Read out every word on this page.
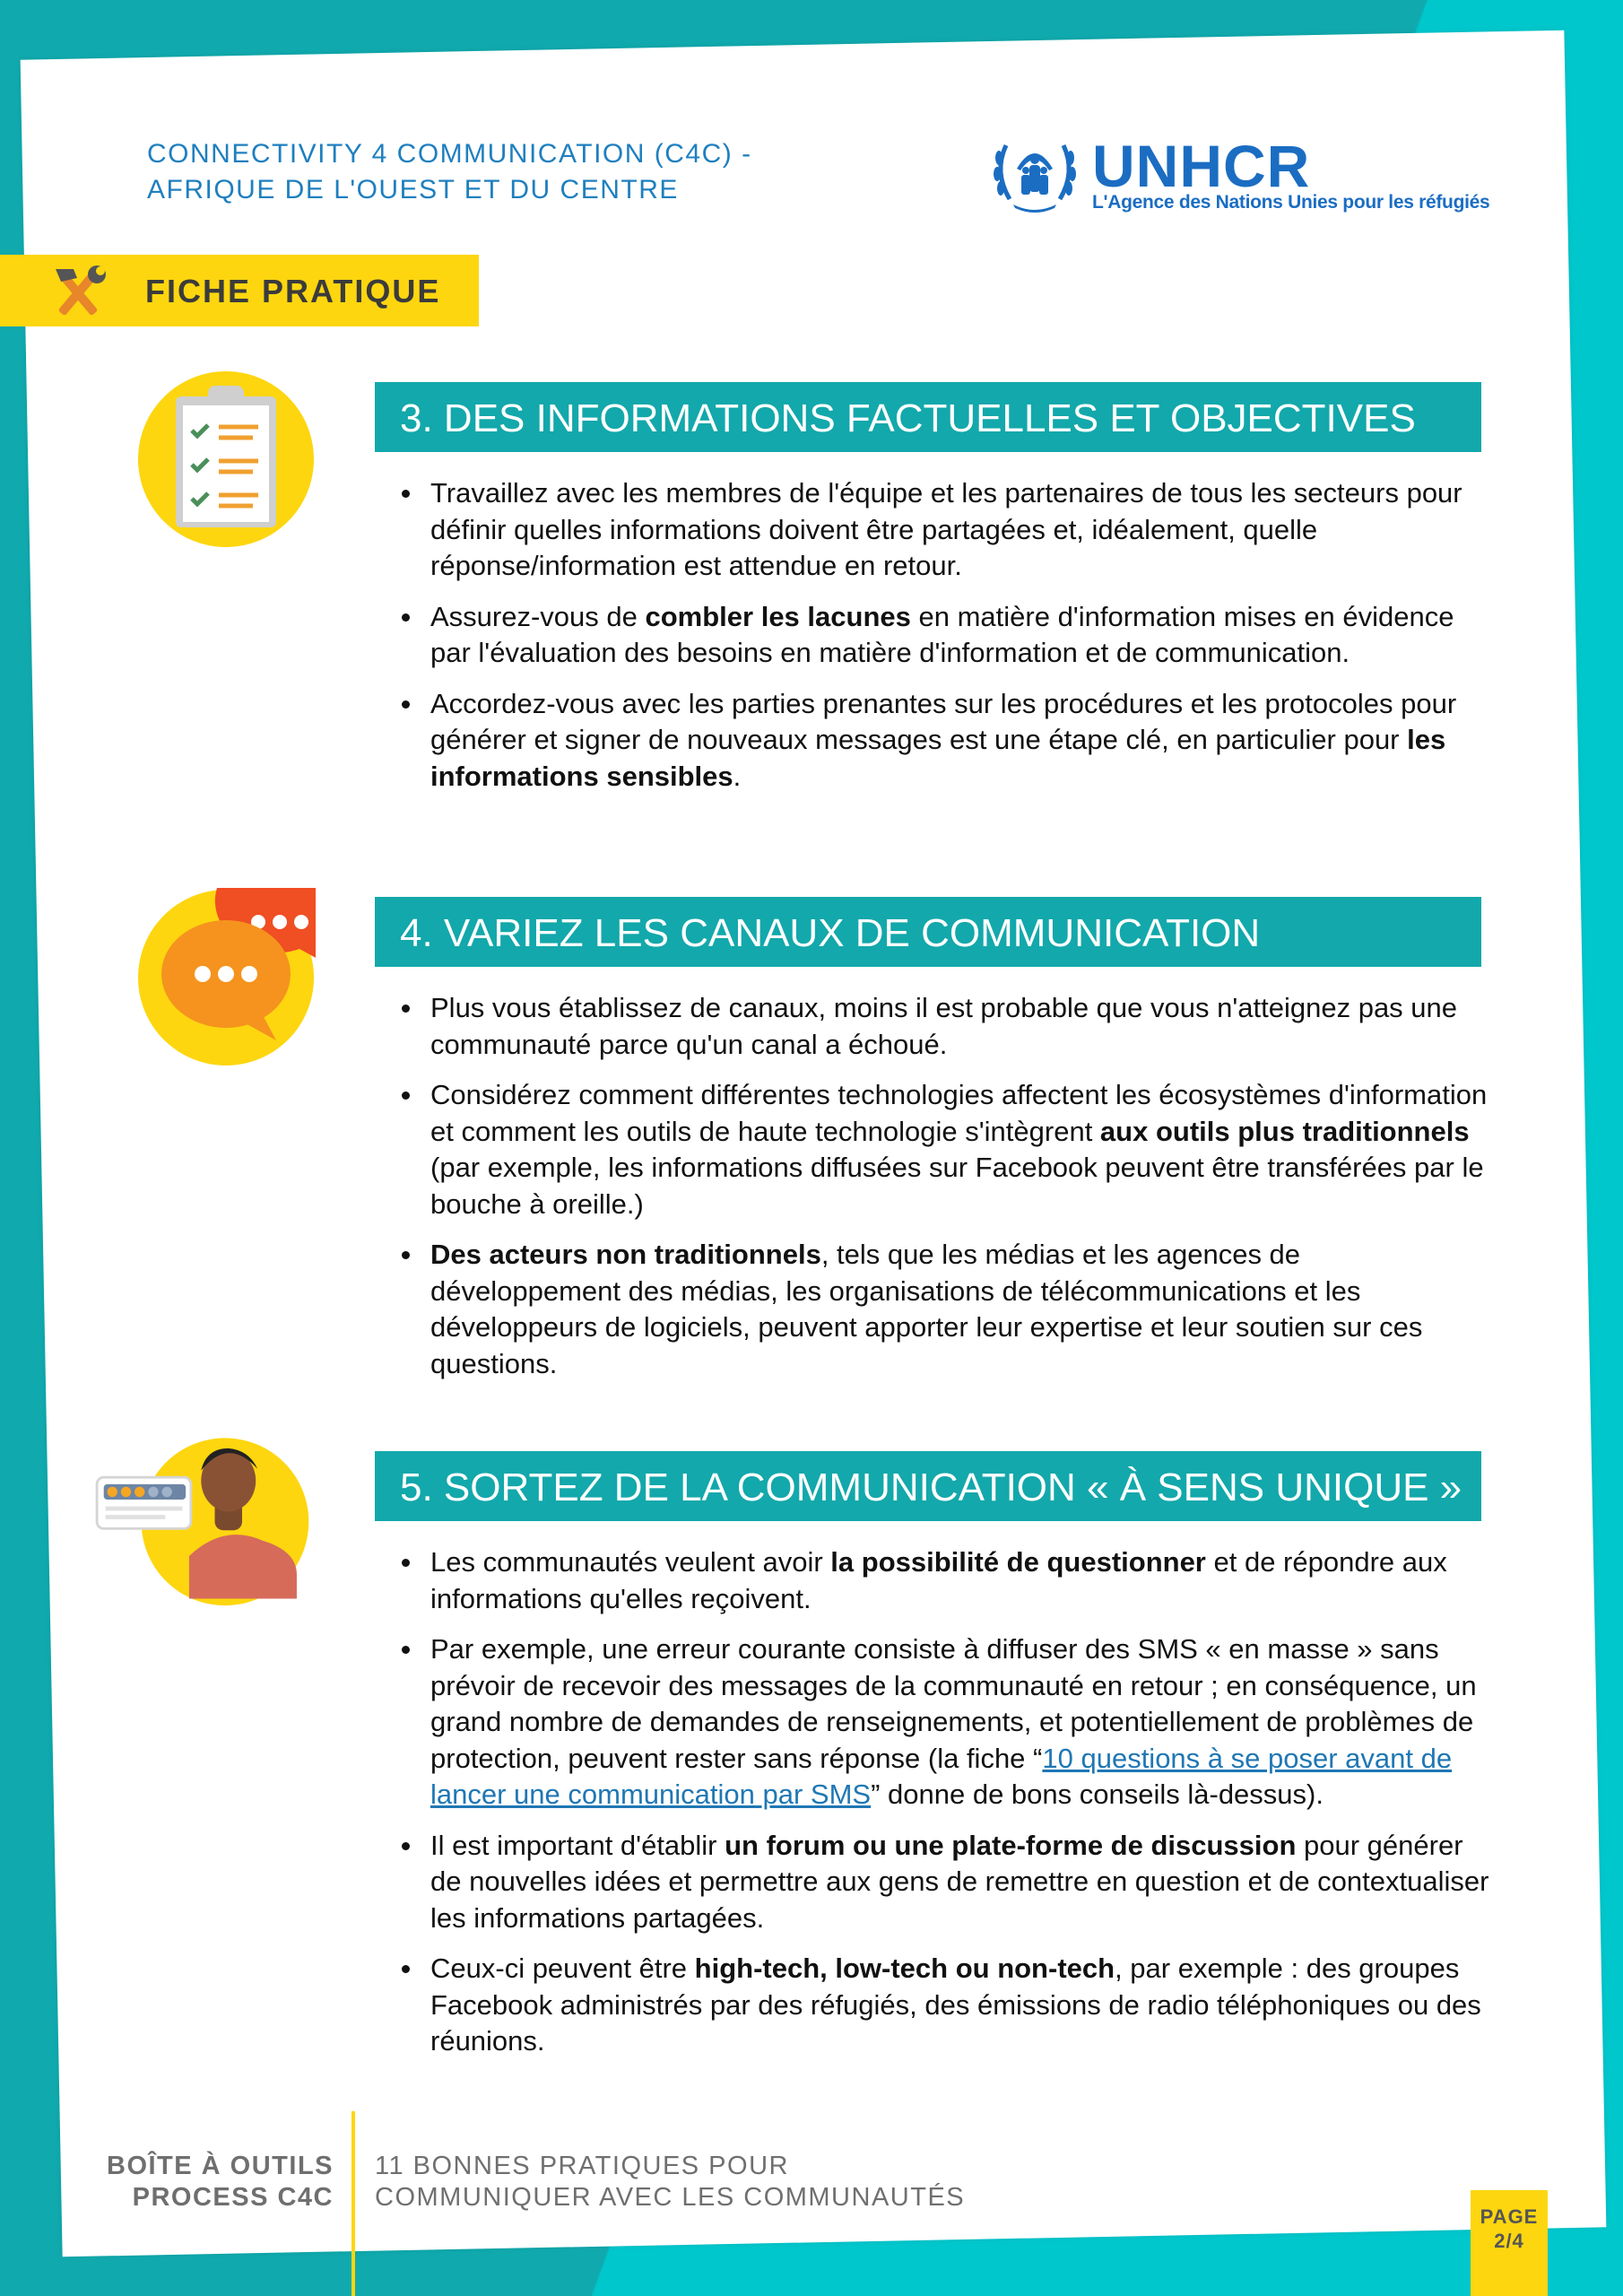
CONNECTIVITY 4 COMMUNICATION (C4C) -
AFRIQUE DE L'OUEST ET DU CENTRE	UNHCR
L'Agence des Nations Unies pour les réfugiés
FICHE PRATIQUE
3. DES INFORMATIONS FACTUELLES ET OBJECTIVES
Travaillez avec les membres de l'équipe et les partenaires de tous les secteurs pour définir quelles informations doivent être partagées et, idéalement, quelle réponse/information est attendue en retour.
Assurez-vous de combler les lacunes en matière d'information mises en évidence par l'évaluation des besoins en matière d'information et de communication.
Accordez-vous avec les parties prenantes sur les procédures et les protocoles pour générer et signer de nouveaux messages est une étape clé, en particulier pour les informations sensibles.
4. VARIEZ LES CANAUX DE COMMUNICATION
Plus vous établissez de canaux, moins il est probable que vous n'atteignez pas une communauté parce qu'un canal a échoué.
Considérez comment différentes technologies affectent les écosystèmes d'information et comment les outils de haute technologie s'intègrent aux outils plus traditionnels (par exemple, les informations diffusées sur Facebook peuvent être transférées par le bouche à oreille.)
Des acteurs non traditionnels, tels que les médias et les agences de développement des médias, les organisations de télécommunications et les développeurs de logiciels, peuvent apporter leur expertise et leur soutien sur ces questions.
5. SORTEZ DE LA COMMUNICATION « À SENS UNIQUE »
Les communautés veulent avoir la possibilité de questionner et de répondre aux informations qu'elles reçoivent.
Par exemple, une erreur courante consiste à diffuser des SMS « en masse » sans prévoir de recevoir des messages de la communauté en retour ; en conséquence, un grand nombre de demandes de renseignements, et potentiellement de problèmes de protection, peuvent rester sans réponse (la fiche “10 questions à se poser avant de lancer une communication par SMS” donne de bons conseils là-dessus).
Il est important d'établir un forum ou une plate-forme de discussion pour générer de nouvelles idées et permettre aux gens de remettre en question et de contextualiser les informations partagées.
Ceux-ci peuvent être high-tech, low-tech ou non-tech, par exemple : des groupes Facebook administrés par des réfugiés, des émissions de radio téléphoniques ou des réunions.
BOÎTE À OUTILS
PROCESS C4C
11 BONNES PRATIQUES POUR
COMMUNIQUER AVEC LES COMMUNAUTÉS
PAGE
2/4
